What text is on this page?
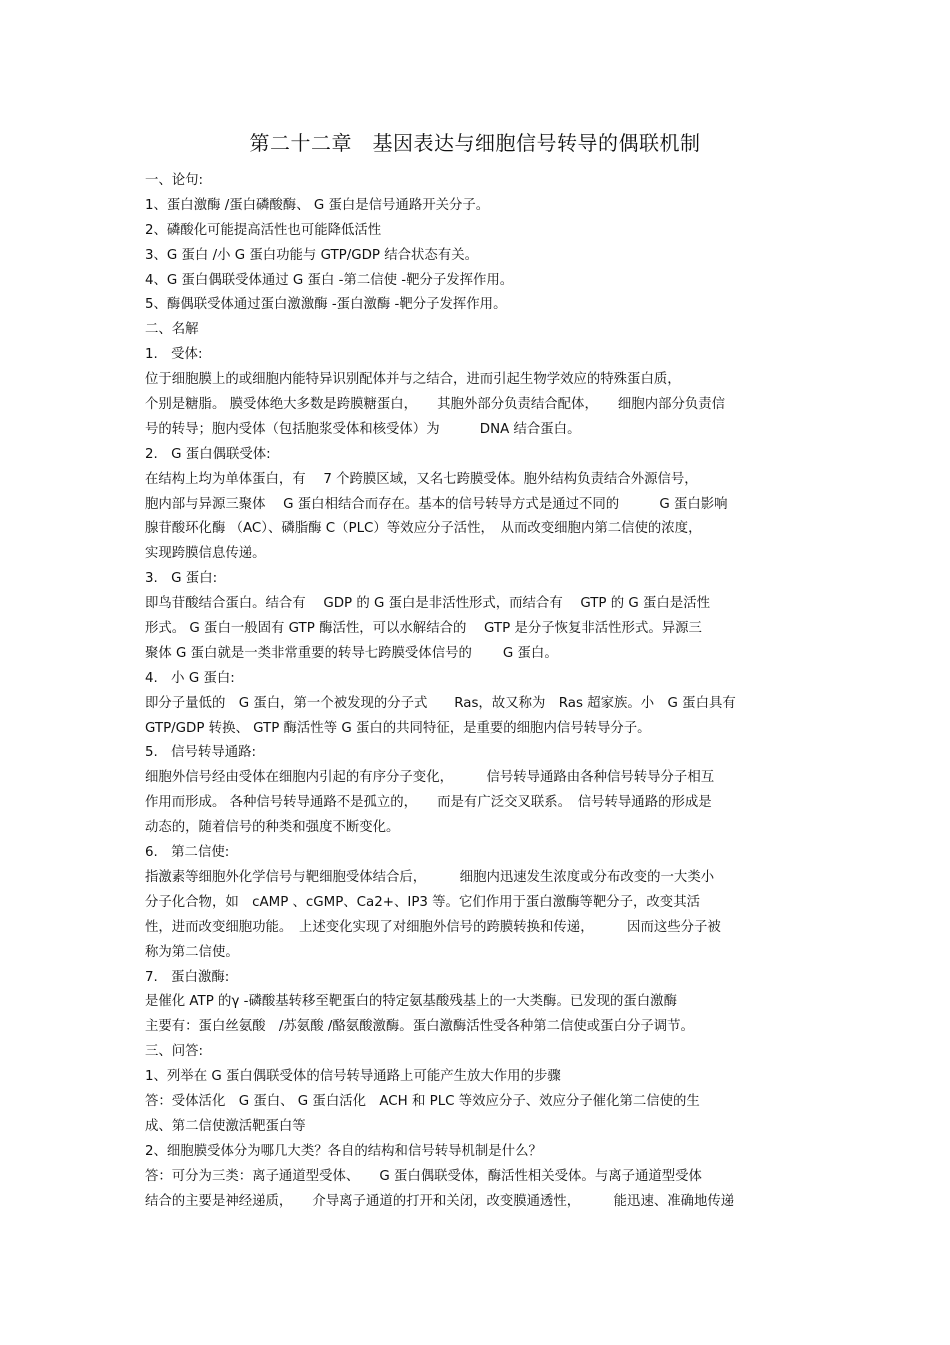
第二十二章　基因表达与细胞信号转导的偶联机制
一、论句:
1、蛋白激酶 /蛋白磷酸酶、 G 蛋白是信号通路开关分子。
2、磷酸化可能提高活性也可能降低活性
3、G 蛋白 /小 G 蛋白功能与 GTP/GDP 结合状态有关。
4、G 蛋白偶联受体通过 G 蛋白 -第二信使 -靶分子发挥作用。
5、酶偶联受体通过蛋白激激酶 -蛋白激酶 -靶分子发挥作用。
二、名解
1.　受体:
位于细胞膜上的或细胞内能特异识别配体并与之结合，进而引起生物学效应的特殊蛋白质，
个别是糖脂。 膜受体绝大多数是跨膜糖蛋白，　　其胞外部分负责结合配体，　　细胞内部分负责信
号的转导；胞内受体（包括胞浆受体和核受体）为　　　DNA 结合蛋白。
2.　G 蛋白偶联受体:
在结构上均为单体蛋白，有　 7 个跨膜区域，又名七跨膜受体。胞外结构负责结合外源信号，
胞内部与异源三聚体　 G 蛋白相结合而存在。基本的信号转导方式是通过不同的　　　G 蛋白影响
腺苷酸环化酶 （AC）、磷脂酶 C（PLC）等效应分子活性，　从而改变细胞内第二信使的浓度，
实现跨膜信息传递。
3.　G 蛋白:
即鸟苷酸结合蛋白。结合有　 GDP 的 G 蛋白是非活性形式，而结合有　 GTP 的 G 蛋白是活性
形式。 G 蛋白一般固有 GTP 酶活性，可以水解结合的　 GTP 是分子恢复非活性形式。异源三
聚体 G 蛋白就是一类非常重要的转导七跨膜受体信号的　　 G 蛋白。
4.　小 G 蛋白:
即分子量低的　G 蛋白，第一个被发现的分子式　　Ras，故又称为　Ras 超家族。小　G 蛋白具有
GTP/GDP 转换、 GTP 酶活性等 G 蛋白的共同特征，是重要的细胞内信号转导分子。
5.　信号转导通路:
细胞外信号经由受体在细胞内引起的有序分子变化，　　　信号转导通路由各种信号转导分子相互
作用而形成。 各种信号转导通路不是孤立的，　　而是有广泛交叉联系。　信号转导通路的形成是
动态的，随着信号的种类和强度不断变化。
6.　第二信使:
指激素等细胞外化学信号与靶细胞受体结合后，　　　细胞内迅速发生浓度或分布改变的一大类小
分子化合物，如　cAMP 、cGMP、Ca2+、IP3 等。它们作用于蛋白激酶等靶分子，改变其活
性，进而改变细胞功能。　上述变化实现了对细胞外信号的跨膜转换和传递，　　　因而这些分子被
称为第二信使。
7.　蛋白激酶:
是催化 ATP 的γ -磷酸基转移至靶蛋白的特定氨基酸残基上的一大类酶。已发现的蛋白激酶
主要有：蛋白丝氨酸　/苏氨酸 /酪氨酸激酶。蛋白激酶活性受各种第二信使或蛋白分子调节。
三、问答:
1、列举在 G 蛋白偶联受体的信号转导通路上可能产生放大作用的步骤
答：受体活化　G 蛋白、 G 蛋白活化　ACH 和 PLC 等效应分子、效应分子催化第二信使的生
成、第二信使激活靶蛋白等
2、细胞膜受体分为哪几大类？各自的结构和信号转导机制是什么？
答：可分为三类：离子通道型受体、　　G 蛋白偶联受体，酶活性相关受体。与离子通道型受体
结合的主要是神经递质，　　介导离子通道的打开和关闭，改变膜通透性，　　　能迅速、准确地传递
